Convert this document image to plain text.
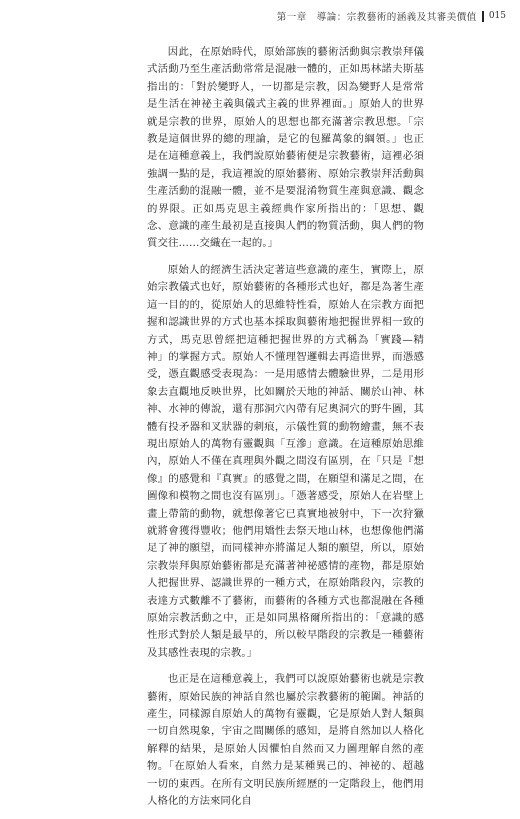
第一章　導論：宗教藝術的涵義及其審美價值 015

因此，在原始時代，原始部族的藝術活動與宗教崇拜儀式活動乃至生產活動常常是混融一體的，正如馬林諾夫斯基指出的：「對於變野人，一切都是宗教，因為變野人是常常是生活在神祕主義與儀式主義的世界裡面。」原始人的世界就是宗教的世界，原始人的思想也都充滿著宗教思想。「宗教是這個世界的總的理論，是它的包羅萬象的綱領。」也正是在這種意義上，我們說原始藝術便是宗教藝術，這裡必須強調一點的是，我這裡說的原始藝術、原始宗教崇拜活動與生產活動的混融一體，並不是要混淆物質生產與意識、觀念的界限。正如馬克思主義經典作家所指出的：「思想、觀念、意識的產生最初是直接與人們的物質活動，與人們的物質交往……交織在一起的。」

原始人的經濟生活決定著這些意識的產生，實際上，原始宗教儀式也好，原始藝術的各種形式也好，都是為著生產這一目的的，從原始人的思維特性看，原始人在宗教方面把握和認識世界的方式也基本採取與藝術地把握世界相一致的方式，馬克思曾經把這種把握世界的方式稱為「實踐—精神」的掌握方式。原始人不懂理智邏輯去再造世界，而憑感受，憑直觀感受表現為：一是用感情去體驗世界，二是用形象去直觀地反映世界，比如關於天地的神話、關於山神、林神、水神的傳說，還有那洞穴內帶有尼奧洞穴的野牛圖，其體有投矛器和叉狀器的刺痕，示儀性質的動物繪畫，無不表現出原始人的萬物有靈觀與「互滲」意識。在這種原始思維內，原始人不僅在真理與外觀之間沒有區別，在「只是『想像』的感覺和『真實』的感覺之間，在願望和滿足之間，在圖像和模物之間也沒有區別」。「憑著感受，原始人在岩壁上畫上帶箭的動物，就想像著它已真實地被射中，下一次狩獵就將會獲得豐收；他們用矯性去祭天地山林，也想像他們滿足了神的願望，而同樣神亦將滿足人類的願望，所以，原始宗教崇拜與原始藝術都是充滿著神祕感情的產物，都是原始人把握世界、認識世界的一種方式，在原始階段內，宗教的表達方式數離不了藝術，而藝術的各種方式也都混融在各種原始宗教活動之中，正是如同黑格爾所指出的：「意識的感性形式對於人類是最早的，所以較早階段的宗教是一種藝術及其感性表現的宗教。」

也正是在這種意義上，我們可以說原始藝術也就是宗教藝術，原始民族的神話自然也屬於宗教藝術的範圍。神話的產生，同樣源自原始人的萬物有靈觀，它是原始人對人類與一切自然現象，宇宙之間關係的感知，是將自然加以人格化解釋的結果，是原始人因懼怕自然而又力圖理解自然的產物。「在原始人看來，自然力是某種異己的、神祕的、超越一切的東西。在所有文明民族所經歷的一定階段上，他們用人格化的方法來同化自
